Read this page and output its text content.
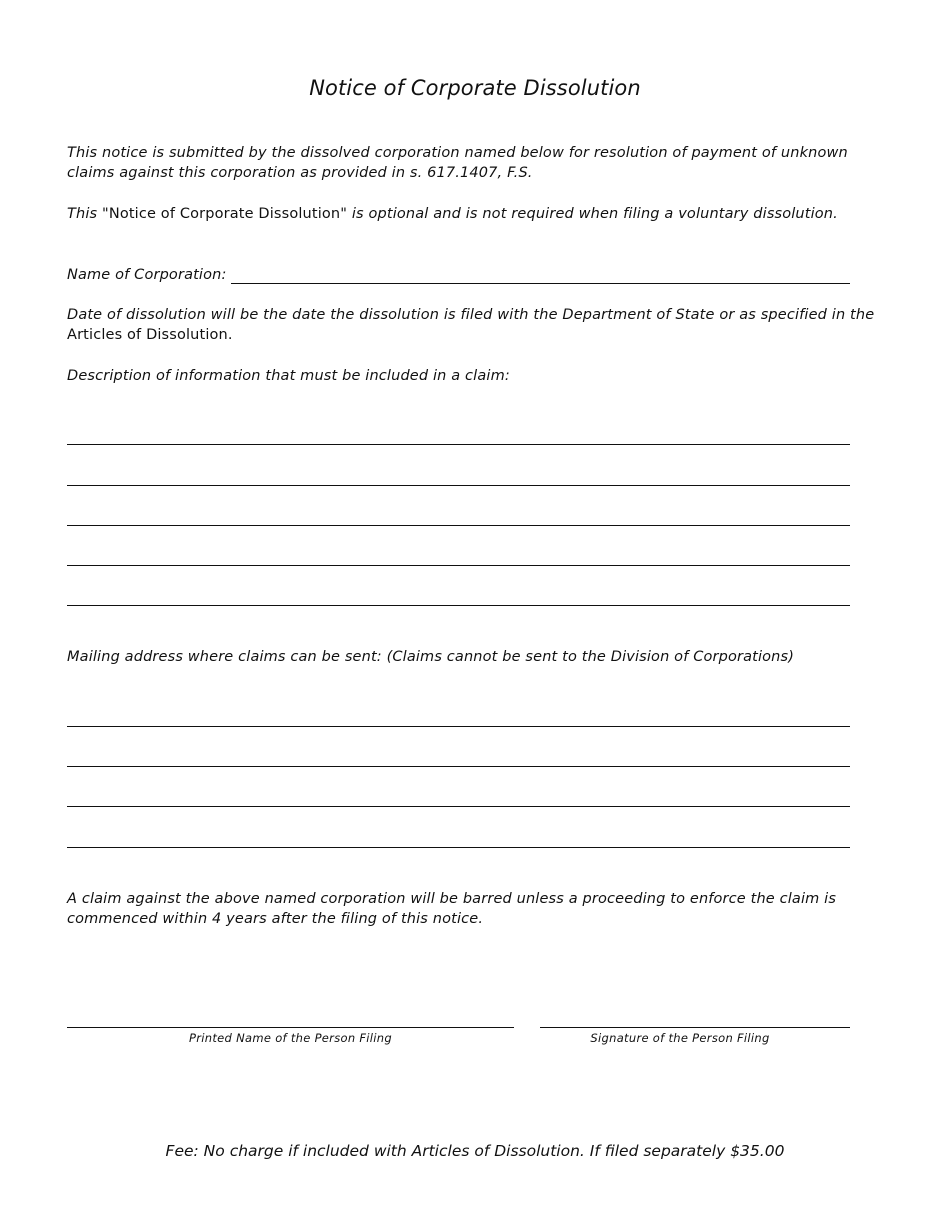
Notice of Corporate Dissolution
This notice is submitted by the dissolved corporation named below for resolution of payment of unknown claims against this corporation as provided in s. 617.1407, F.S.
This "Notice of Corporate Dissolution" is optional and is not required when filing a voluntary dissolution.
Name of Corporation:
Date of dissolution will be the date the dissolution is filed with the Department of State or as specified in the Articles of Dissolution.
Description of information that must be included in a claim:
Mailing address where claims can be sent: (Claims cannot be sent to the Division of Corporations)
A claim against the above named corporation will be barred unless a proceeding to enforce the claim is commenced within 4 years after the filing of this notice.
Printed Name of the Person Filing	Signature of the Person Filing
Fee: No charge if included with Articles of Dissolution. If filed separately $35.00
